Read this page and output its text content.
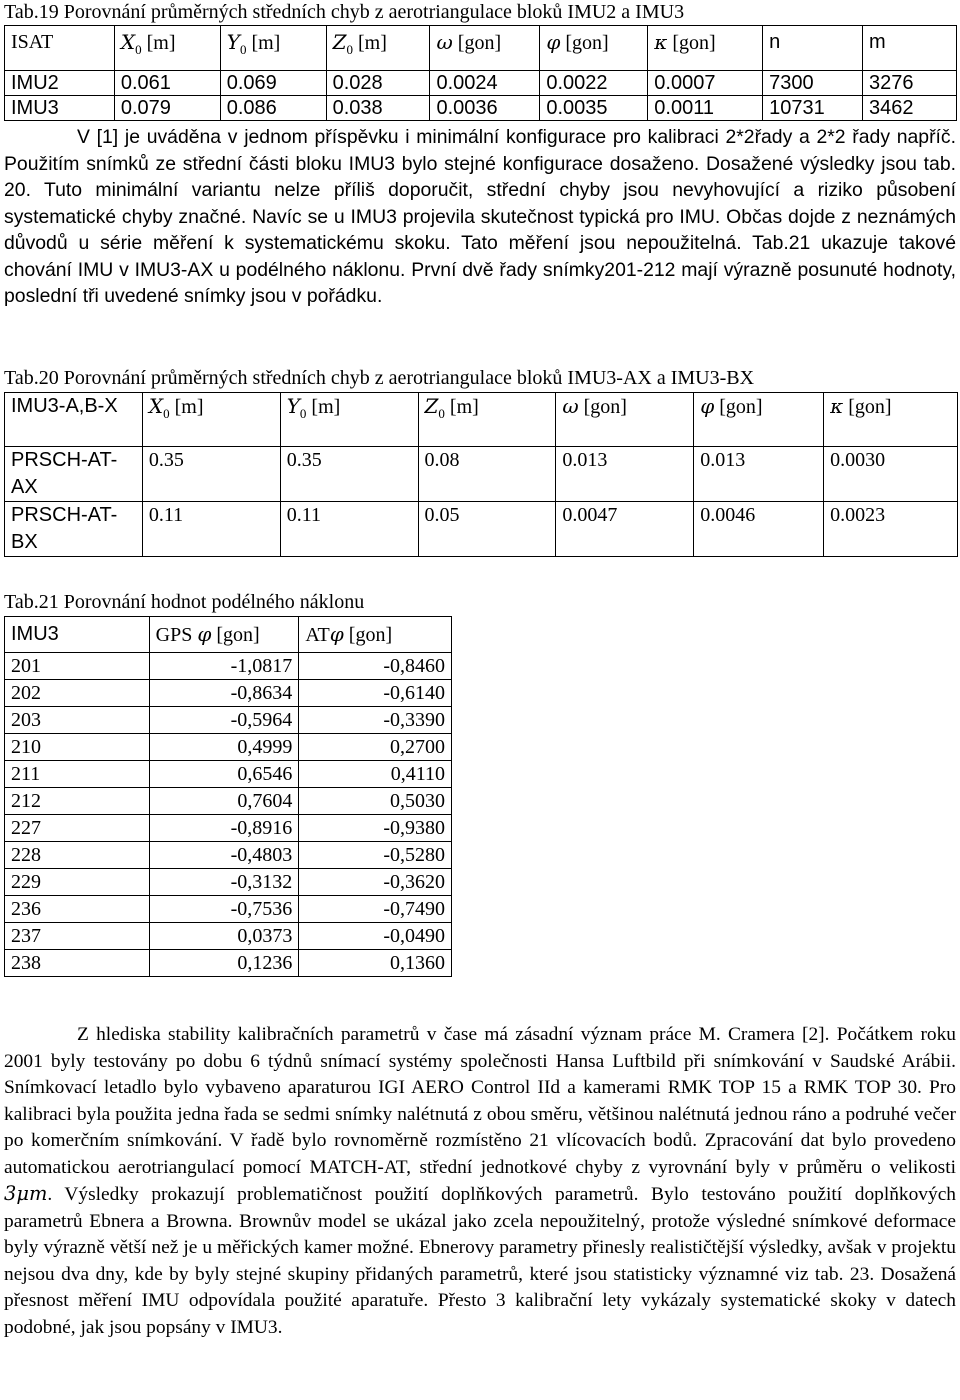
Tab.19 Porovnání průměrných středních chyb z aerotriangulace bloků IMU2 a IMU3
ISAT	$X_0$ [m]	$Y_0$ [m]	$Z_0$ [m]	ω [gon]	φ [gon]	κ [gon]	n	m
IMU2	0.061	0.069	0.028	0.0024	0.0022	0.0007	7300	3276
IMU3	0.079	0.086	0.038	0.0036	0.0035	0.0011	10731	3462

V [1] je uváděna v jednom příspěvku i minimální konfigurace pro kalibraci 2*2řady a 2*2 řady napříč. Použitím snímků ze střední části bloku IMU3 bylo stejné konfigurace dosaženo. Dosažené výsledky jsou tab. 20. Tuto minimální variantu nelze příliš doporučit, střední chyby jsou nevyhovující a riziko působení systematické chyby značné. Navíc se u IMU3 projevila skutečnost typická pro IMU. Občas dojde z neznámých důvodů u série měření k systematickému skoku. Tato měření jsou nepoužitelná. Tab.21 ukazuje takové chování IMU v IMU3-AX u podélného náklonu. První dvě řady snímky201-212 mají výrazně posunuté hodnoty, poslední tři uvedené snímky jsou v pořádku.

Tab.20 Porovnání průměrných středních chyb z aerotriangulace bloků IMU3-AX a IMU3-BX
IMU3-A,B-X	$X_0$ [m]	$Y_0$ [m]	$Z_0$ [m]	ω [gon]	φ [gon]	κ [gon]
PRSCH-AT-AX	0.35	0.35	0.08	0.013	0.013	0.0030
PRSCH-AT-BX	0.11	0.11	0.05	0.0047	0.0046	0.0023
Tab.21 Porovnání hodnot podélného náklonu
IMU3	GPS φ [gon]	ATφ [gon]
201	-1,0817	-0,8460
202	-0,8634	-0,6140
203	-0,5964	-0,3390
210	0,4999	0,2700
211	0,6546	0,4110
212	0,7604	0,5030
227	-0,8916	-0,9380
228	-0,4803	-0,5280
229	-0,3132	-0,3620
236	-0,7536	-0,7490
237	0,0373	-0,0490
238	0,1236	0,1360

Z hlediska stability kalibračních parametrů v čase má zásadní význam práce M. Cramera [2]. Počátkem roku 2001 byly testovány po dobu 6 týdnů snímací systémy společnosti Hansa Luftbild při snímkování v Saudské Arábii. Snímkovací letadlo bylo vybaveno aparaturou IGI AERO Control IId a kamerami RMK TOP 15 a RMK TOP 30. Pro kalibraci byla použita jedna řada se sedmi snímky nalétnutá z obou směru, většinou nalétnutá jednou ráno a podruhé večer po komerčním snímkování. V řadě bylo rovnoměrně rozmístěno 21 vlícovacích bodů. Zpracování dat bylo provedeno automatickou aerotriangulací pomocí MATCH-AT, střední jednotkové chyby z vyrovnání byly v průměru o velikosti 3μm. Výsledky prokazují problematičnost použití doplňkových parametrů. Bylo testováno použití doplňkových parametrů Ebnera a Browna. Brownův model se ukázal jako zcela nepoužitelný, protože výsledné snímkové deformace byly výrazně větší než je u měřických kamer možné. Ebnerovy parametry přinesly realističtější výsledky, avšak v projektu nejsou dva dny, kde by byly stejné skupiny přidaných parametrů, které jsou statisticky významné viz tab. 23. Dosažená přesnost měření IMU odpovídala použité aparatuře. Přesto 3 kalibrační lety vykázaly systematické skoky v datech podobné, jak jsou popsány v IMU3.
